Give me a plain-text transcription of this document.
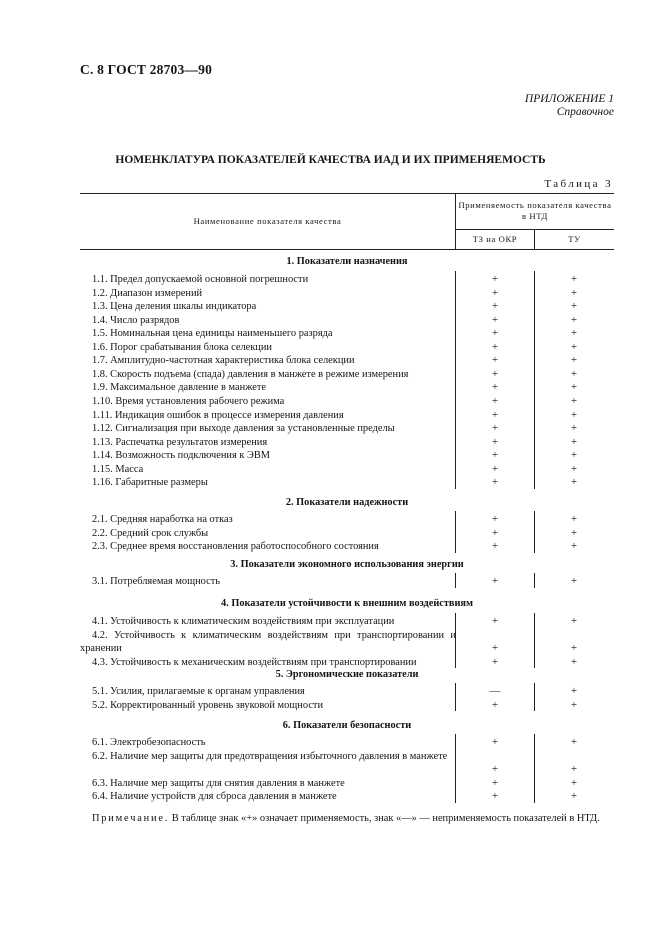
С. 8 ГОСТ 28703—90
ПРИЛОЖЕНИЕ 1
Справочное
НОМЕНКЛАТУРА ПОКАЗАТЕЛЕЙ КАЧЕСТВА ИАД И ИХ ПРИМЕНЯЕМОСТЬ
Таблица 3
Наименование показателя качества
Применяемость показателя качества в НТД
ТЗ на ОКР	ТУ
1. Показатели назначения
1.1. Предел допускаемой основной погрешности	+	+
1.2. Диапазон измерений	+	+
1.3. Цена деления шкалы индикатора	+	+
1.4. Число разрядов	+	+
1.5. Номинальная цена единицы наименьшего разряда	+	+
1.6. Порог срабатывания блока селекции	+	+
1.7. Амплитудно-частотная характеристика блока селекции	+	+
1.8. Скорость подъема (спада) давления в манжете в режиме измерения	+	+
1.9. Максимальное давление в манжете	+	+
1.10. Время установления рабочего режима	+	+
1.11. Индикация ошибок в процессе измерения давления	+	+
1.12. Сигнализация при выходе давления за установленные пределы	+	+
1.13. Распечатка результатов измерения	+	+
1.14. Возможность подключения к ЭВМ	+	+
1.15. Масса	+	+
1.16. Габаритные размеры	+	+
2. Показатели надежности
2.1. Средняя наработка на отказ	+	+
2.2. Средний срок службы	+	+
2.3. Среднее время восстановления работоспособного состояния	+	+
3. Показатели экономного использования энергии
3.1. Потребляемая мощность	+	+
4. Показатели устойчивости к внешним воздействиям
4.1. Устойчивость к климатическим воздействиям при эксплуатации	+	+
4.2. Устойчивость к климатическим воздействиям при транспортировании и хранении	+	+
4.3. Устойчивость к механическим воздействиям при транспортировании	+	+
5. Эргономические показатели
5.1. Усилия, прилагаемые к органам управления	—	+
5.2. Корректированный уровень звуковой мощности	+	+
6. Показатели безопасности
6.1. Электробезопасность	+	+
6.2. Наличие мер защиты для предотвращения избыточного давления в манжете
+	+
6.3. Наличие мер защиты для снятия давления в манжете	+	+
6.4. Наличие устройств для сброса давления в манжете	+	+
Примечание. В таблице знак «+» означает применяемость, знак «—» — неприменяемость показателей в НТД.
